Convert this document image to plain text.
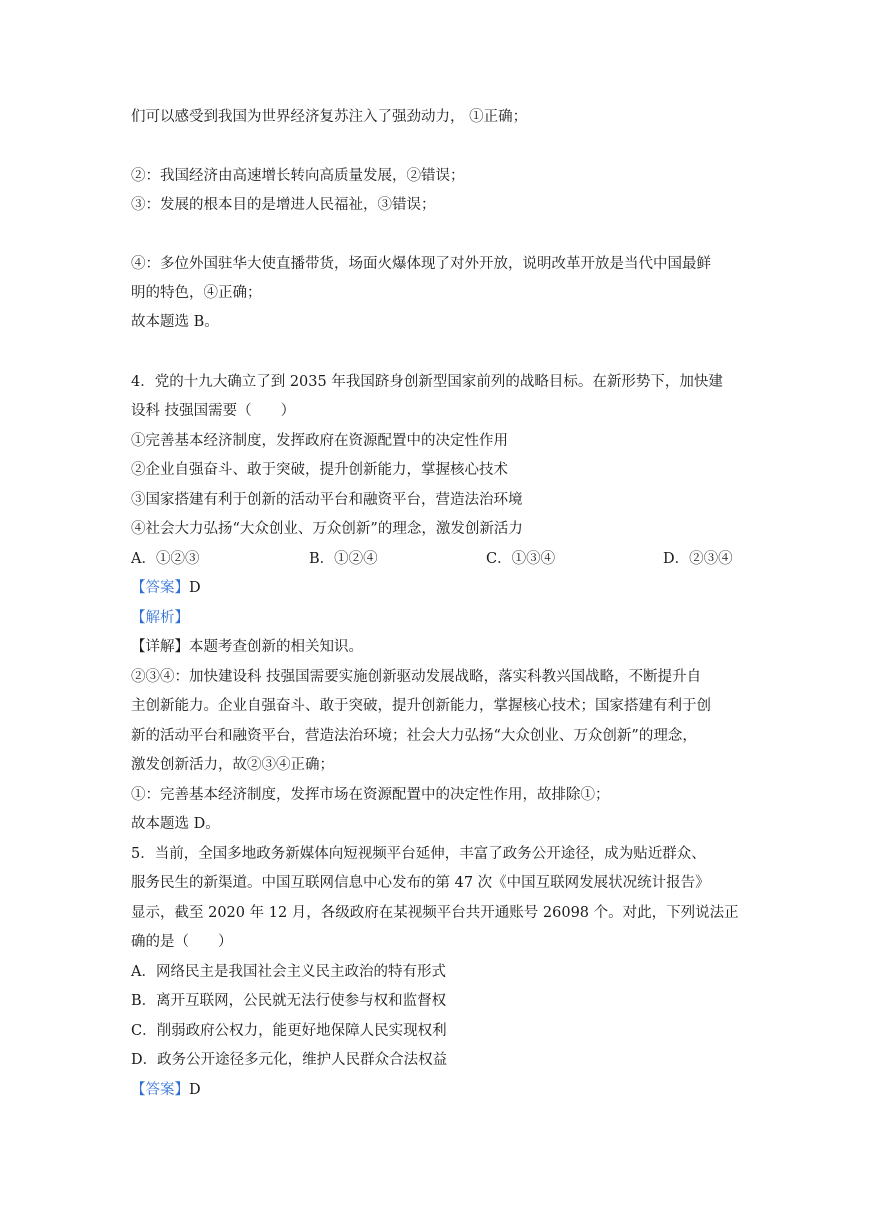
们可以感受到我国为世界经济复苏注入了强劲动力， ①正确；
②：我国经济由高速增长转向高质量发展，②错误；
③：发展的根本目的是增进人民福祉，③错误；
④：多位外国驻华大使直播带货，场面火爆体现了对外开放，说明改革开放是当代中国最鲜
明的特色，④正确；
故本题选 B。
4．党的十九大确立了到 2035 年我国跻身创新型国家前列的战略目标。在新形势下，加快建
设科 技强国需要（　　）
①完善基本经济制度，发挥政府在资源配置中的决定性作用
②企业自强奋斗、敢于突破，提升创新能力，掌握核心技术
③国家搭建有利于创新的活动平台和融资平台，营造法治环境
④社会大力弘扬“大众创业、万众创新”的理念，激发创新活力
A．①②③	B．①②④	C．①③④	D．②③④
【答案】D
【解析】
【详解】本题考查创新的相关知识。
②③④：加快建设科 技强国需要实施创新驱动发展战略，落实科教兴国战略，不断提升自
主创新能力。企业自强奋斗、敢于突破，提升创新能力，掌握核心技术；国家搭建有利于创
新的活动平台和融资平台，营造法治环境；社会大力弘扬“大众创业、万众创新”的理念，
激发创新活力，故②③④正确；
①：完善基本经济制度，发挥市场在资源配置中的决定性作用，故排除①；
故本题选 D。
5．当前，全国多地政务新媒体向短视频平台延伸，丰富了政务公开途径，成为贴近群众、
服务民生的新渠道。中国互联网信息中心发布的第 47 次《中国互联网发展状况统计报告》
显示，截至 2020 年 12 月，各级政府在某视频平台共开通账号 26098 个。对此，下列说法正
确的是（　　）
A．网络民主是我国社会主义民主政治的特有形式
B．离开互联网，公民就无法行使参与权和监督权
C．削弱政府公权力，能更好地保障人民实现权利
D．政务公开途径多元化，维护人民群众合法权益
【答案】D
